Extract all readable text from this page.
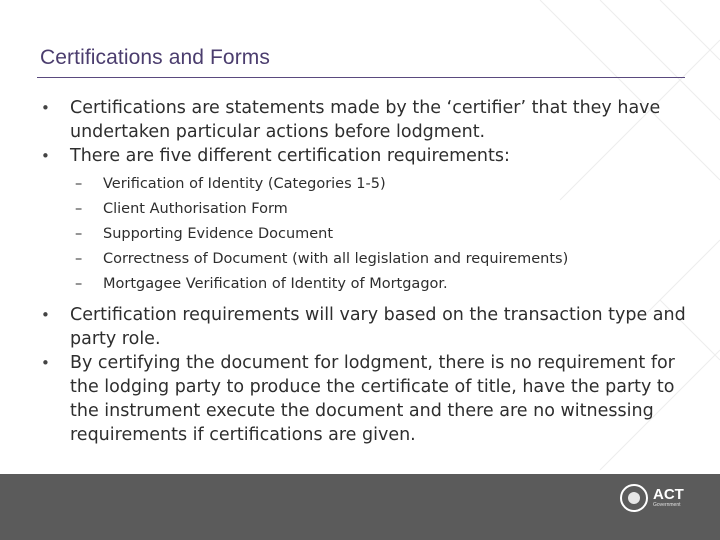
Certifications and Forms
• Certifications are statements made by the ‘certifier’ that they have undertaken particular actions before lodgment.
• There are five different certification requirements:
– Verification of Identity (Categories 1-5)
– Client Authorisation Form
– Supporting Evidence Document
– Correctness of Document (with all legislation and requirements)
– Mortgagee Verification of Identity of Mortgagor.
• Certification requirements will vary based on the transaction type and party role.
• By certifying the document for lodgment, there is no requirement for the lodging party to produce the certificate of title, have the party to the instrument execute the document and there are no witnessing requirements if certifications are given.
ACT
Government
